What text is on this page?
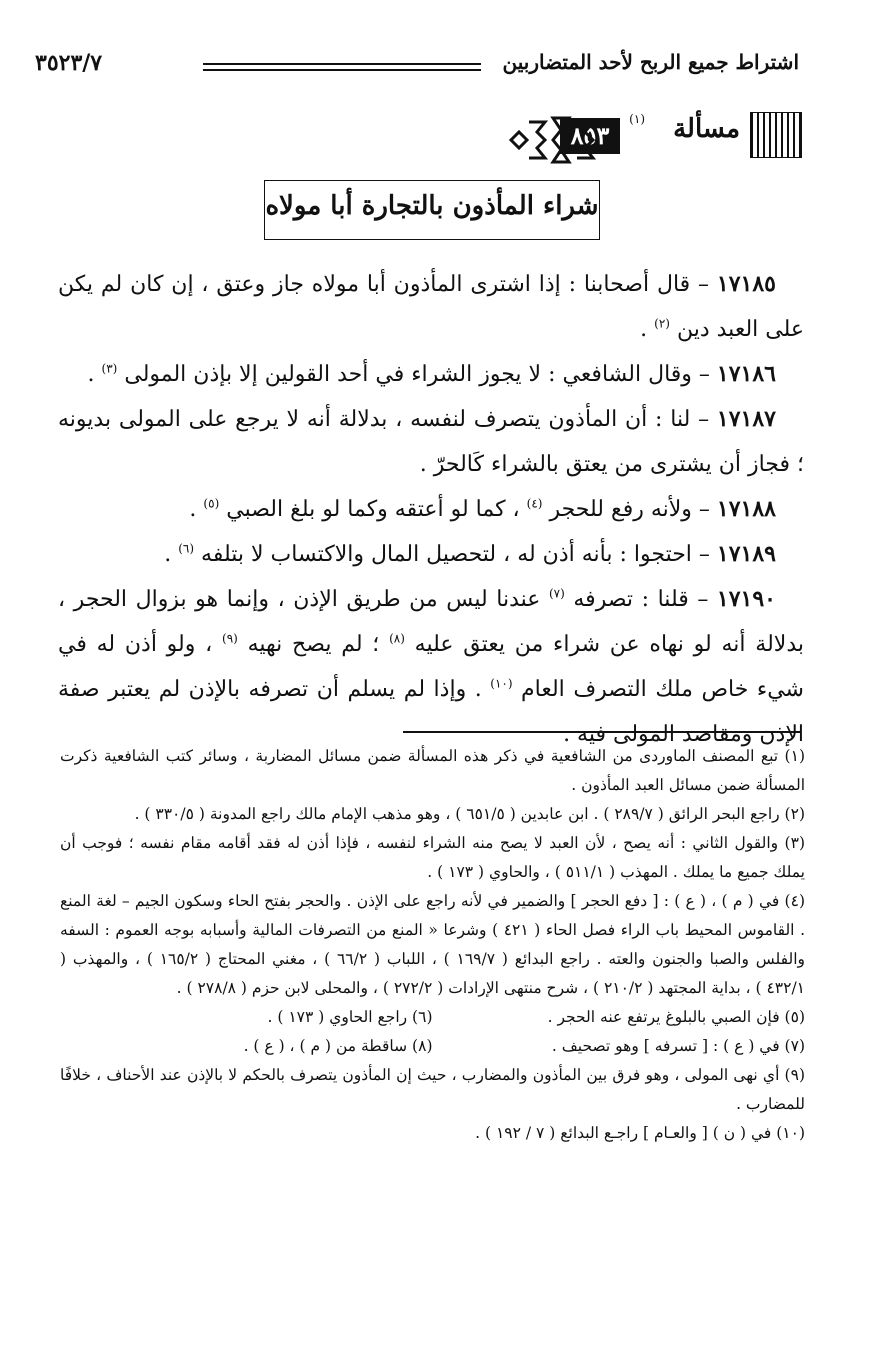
اشتراط جميع الربح لأحد المتضاربين
٣٥٢٣/٧
مسألة
(١)
٨٥٣
شراء المأذون بالتجارة أبا مولاه

١٧١٨٥ – قال أصحابنا : إذا اشترى المأذون أبا مولاه جاز وعتق ، إن كان لم يكن على العبد دين $^{(٢)}$ .

١٧١٨٦ – وقال الشافعي : لا يجوز الشراء في أحد القولين إلا بإذن المولى $^{(٣)}$ .

١٧١٨٧ – لنا : أن المأذون يتصرف لنفسه ، بدلالة أنه لا يرجع على المولى بديونه ؛ فجاز أن يشترى من يعتق بالشراء كَالحرّ .

١٧١٨٨ – ولأنه رفع للحجر $^{(٤)}$ ، كما لو أعتقه وكما لو بلغ الصبي $^{(٥)}$ .

١٧١٨٩ – احتجوا : بأنه أذن له ، لتحصيل المال والاكتساب لا بتلفه $^{(٦)}$ .

١٧١٩٠ – قلنا : تصرفه $^{(٧)}$ عندنا ليس من طريق الإذن ، وإنما هو بزوال الحجر ، بدلالة أنه لو نهاه عن شراء من يعتق عليه $^{(٨)}$ ؛ لم يصح نهيه $^{(٩)}$ ، ولو أذن له في شيء خاص ملك التصرف العام $^{(١٠)}$ . وإذا لم يسلم أن تصرفه بالإذن لم يعتبر صفة الإذن ومقاصد المولى فيه .

(١) تبع المصنف الماوردى من الشافعية في ذكر هذه المسألة ضمن مسائل المضاربة ، وسائر كتب الشافعية ذكرت المسألة ضمن مسائل العبد المأذون .

(٢) راجع البحر الرائق ( ٢٨٩/٧ ) . ابن عابدين ( ٦٥١/٥ ) ، وهو مذهب الإمام مالك راجع المدونة ( ٣٣٠/٥ ) .

(٣) والقول الثاني : أنه يصح ، لأن العبد لا يصح منه الشراء لنفسه ، فإذا أذن له فقد أقامه مقام نفسه ؛ فوجب أن يملك جميع ما يملك . المهذب ( ٥١١/١ ) ، والحاوي ( ١٧٣ ) .

(٤) في ( م ) ، ( ع ) : [ دفع الحجر ] والضمير في لأنه راجع على الإذن . والحجر بفتح الحاء وسكون الجيم – لغة المنع . القاموس المحيط باب الراء فصل الحاء ( ٤٢١ ) وشرعا « المنع من التصرفات المالية وأسبابه بوجه العموم : السفه والفلس والصبا والجنون والعته . راجع البدائع ( ١٦٩/٧ ) ، اللباب ( ٦٦/٢ ) ، مغني المحتاج ( ١٦٥/٢ ) ، والمهذب ( ٤٣٢/١ ) ، بداية المجتهد ( ٢١٠/٢ ) ، شرح منتهى الإرادات ( ٢٧٢/٢ ) ، والمحلى لابن حزم ( ٢٧٨/٨ ) .

(٥) فإن الصبي بالبلوغ يرتفع عنه الحجر .
(٦) راجع الحاوي ( ١٧٣ ) .
(٧) في ( ع ) : [ تسرفه ] وهو تصحيف .
(٨) ساقطة من ( م ) ، ( ع ) .

(٩) أي نهى المولى ، وهو فرق بين المأذون والمضارب ، حيث إن المأذون يتصرف بالحكم لا بالإذن عند الأحناف ، خلافًا للمضارب .

(١٠) في ( ن ) [ والعـام ] راجـع البدائع ( ٧ / ١٩٢ ) .
